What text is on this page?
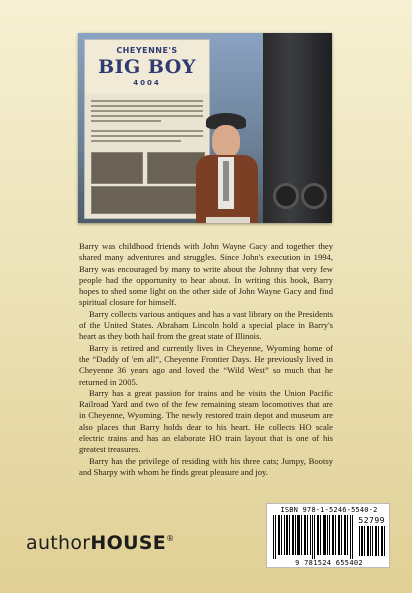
CHEYENNE'S
BIG BOY
4004

Barry was childhood friends with John Wayne Gacy and together they shared many adventures and struggles. Since John's execution in 1994, Barry was encouraged by many to write about the Johnny that very few people had the opportunity to hear about. In writing this book, Barry hopes to shed some light on the other side of John Wayne Gacy and find spiritual closure for himself.

Barry collects various antiques and has a vast library on the Presidents of the United States. Abraham Lincoln hold a special place in Barry's heart as they both hail from the great state of Illinois.

Barry is retired and currently lives in Cheyenne, Wyoming home of the “Daddy of 'em all”, Cheyenne Frontier Days. He previously lived in Cheyenne 36 years ago and loved the “Wild West” so much that he returned in 2005.

Barry has a great passion for trains and he visits the Union Pacific Railroad Yard and two of the few remaining steam locomotives that are in Cheyenne, Wyoming. The newly restored train depot and museum are also places that Barry holds dear to his heart. He collects HO scale electric trains and has an elaborate HO train layout that is one of his greatest treasures.

Barry has the privilege of residing with his three cats; Jumpy, Bootsy and Sharpy with whom he finds great pleasure and joy.

ISBN 978-1-5246-5540-2
52799
9 781524 655402
authorHOUSE®
